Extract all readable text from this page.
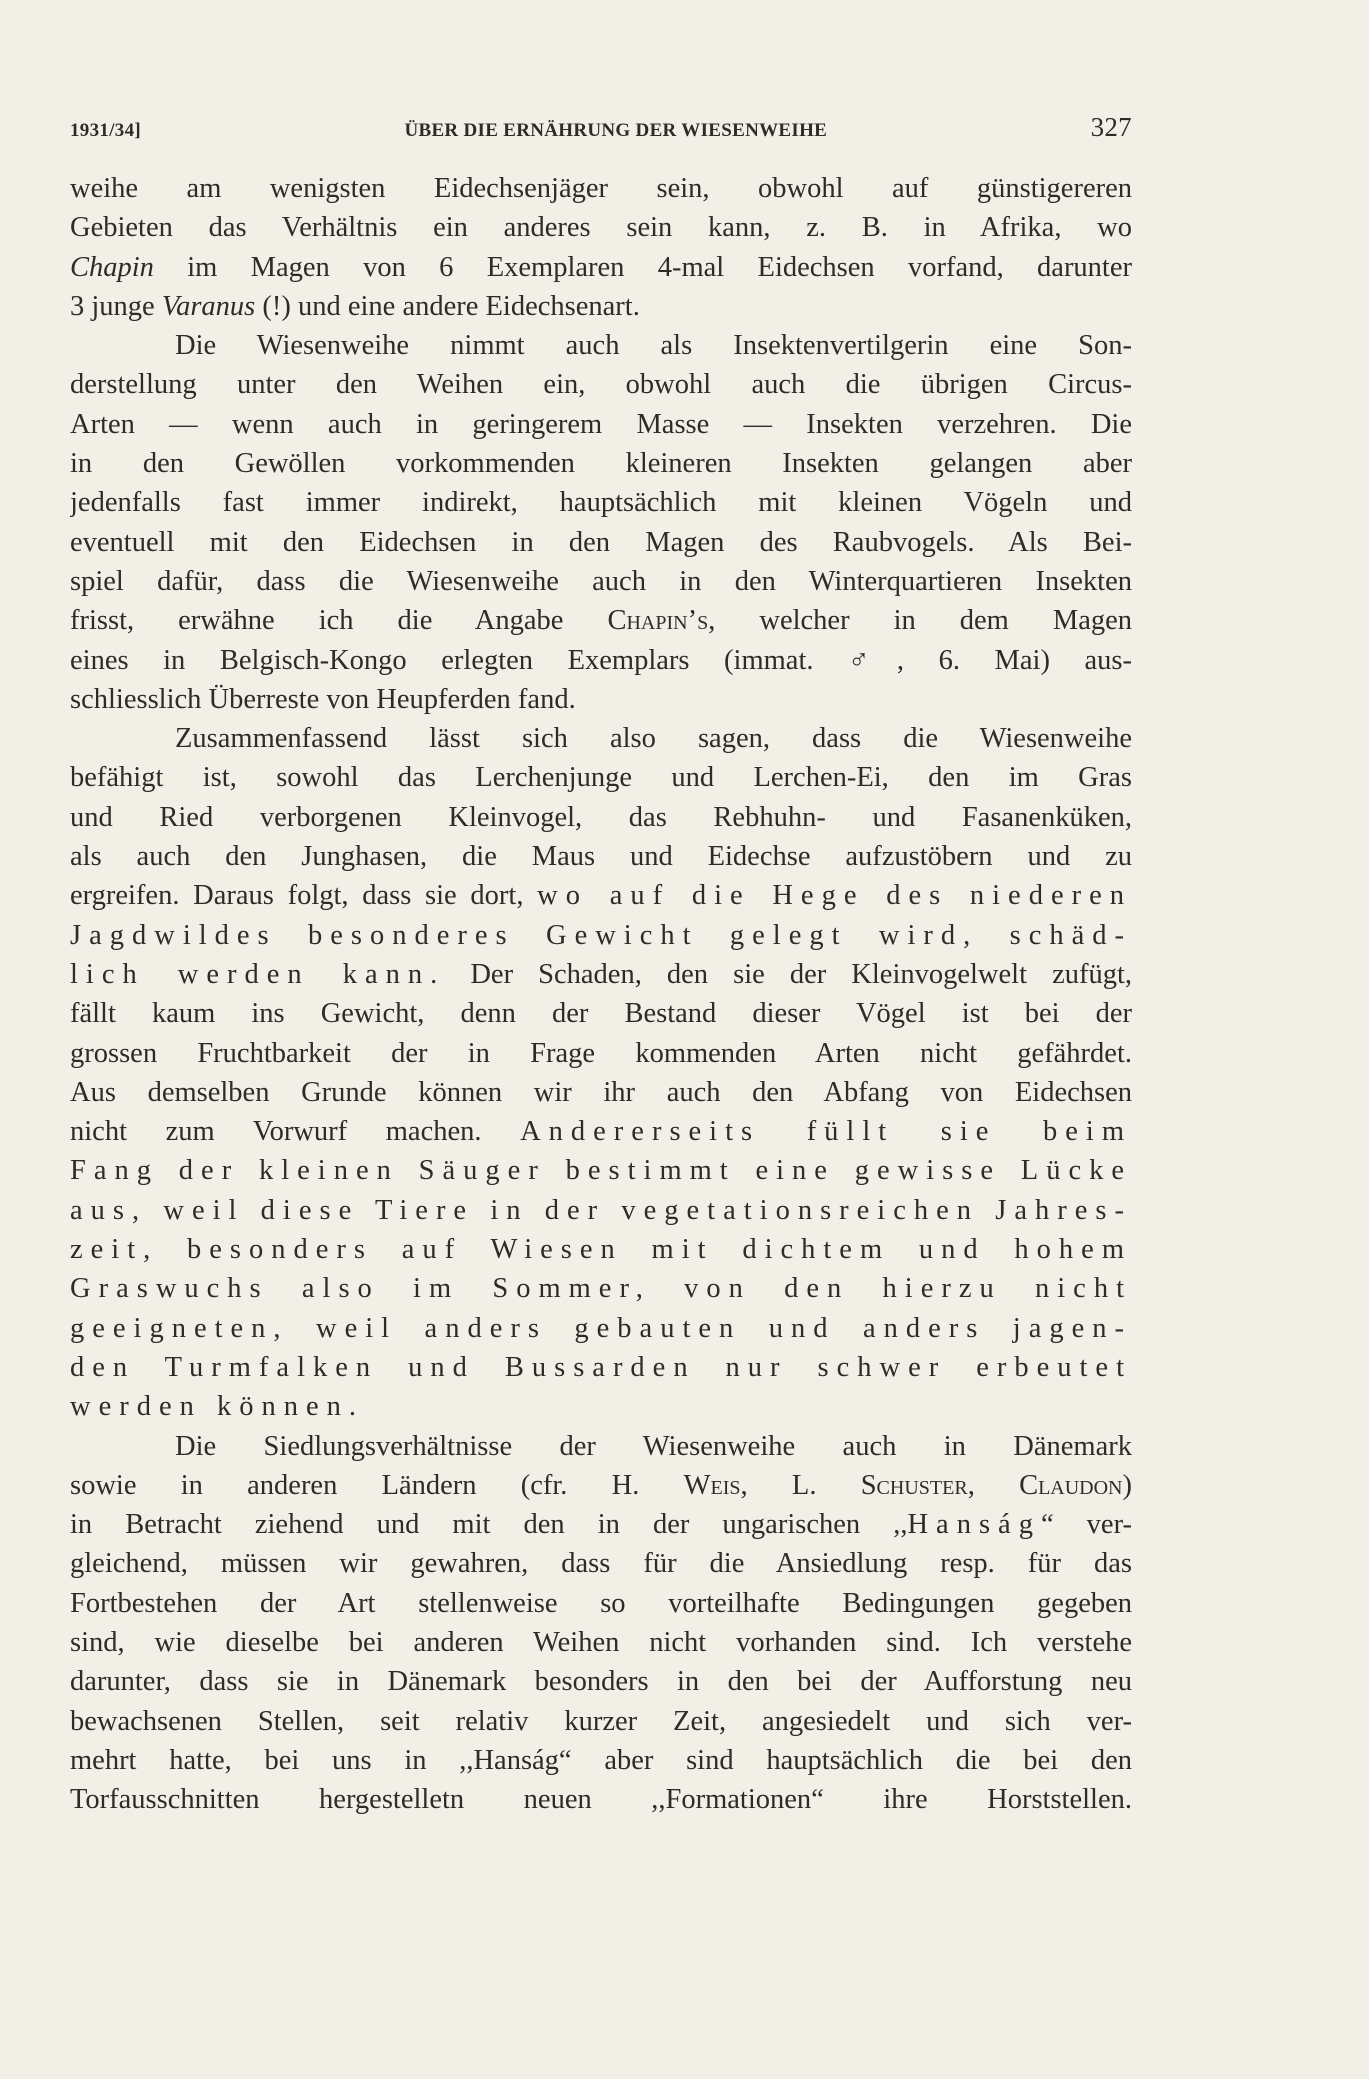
1931/34]	ÜBER DIE ERNÄHRUNG DER WIESENWEIHE	327
weihe am wenigsten Eidechsenjäger sein, obwohl auf günstigereren
Gebieten das Verhältnis ein anderes sein kann, z. B. in Afrika, wo
Chapin im Magen von 6 Exemplaren 4-mal Eidechsen vorfand, darunter
3 junge Varanus (!) und eine andere Eidechsenart.
Die Wiesenweihe nimmt auch als Insektenvertilgerin eine Son-
derstellung unter den Weihen ein, obwohl auch die übrigen Circus-
Arten — wenn auch in geringerem Masse — Insekten verzehren. Die
in den Gewöllen vorkommenden kleineren Insekten gelangen aber
jedenfalls fast immer indirekt, hauptsächlich mit kleinen Vögeln und
eventuell mit den Eidechsen in den Magen des Raubvogels. Als Bei-
spiel dafür, dass die Wiesenweihe auch in den Winterquartieren Insekten
frisst, erwähne ich die Angabe Chapin’s, welcher in dem Magen
eines in Belgisch-Kongo erlegten Exemplars (immat. ♂, 6. Mai) aus-
schliesslich Überreste von Heupferden fand.
Zusammenfassend lässt sich also sagen, dass die Wiesenweihe
befähigt ist, sowohl das Lerchenjunge und Lerchen-Ei, den im Gras
und Ried verborgenen Kleinvogel, das Rebhuhn- und Fasanenküken,
als auch den Junghasen, die Maus und Eidechse aufzustöbern und zu
ergreifen. Daraus folgt, dass sie dort, wo auf die Hege des niederen
Jagdwildes besonderes Gewicht gelegt wird, schäd-
lich werden kann. Der Schaden, den sie der Kleinvogelwelt zufügt,
fällt kaum ins Gewicht, denn der Bestand dieser Vögel ist bei der
grossen Fruchtbarkeit der in Frage kommenden Arten nicht gefährdet.
Aus demselben Grunde können wir ihr auch den Abfang von Eidechsen
nicht zum Vorwurf machen. Andererseits füllt sie beim
Fang der kleinen Säuger bestimmt eine gewisse Lücke
aus, weil diese Tiere in der vegetationsreichen Jahres-
zeit, besonders auf Wiesen mit dichtem und hohem
Graswuchs also im Sommer, von den hierzu nicht
geeigneten, weil anders gebauten und anders jagen-
den Turmfalken und Bussarden nur schwer erbeutet
werden können.
Die Siedlungsverhältnisse der Wiesenweihe auch in Dänemark
sowie in anderen Ländern (cfr. H. Weis, L. Schuster, Claudon)
in Betracht ziehend und mit den in der ungarischen ,,Hanság“ ver-
gleichend, müssen wir gewahren, dass für die Ansiedlung resp. für das
Fortbestehen der Art stellenweise so vorteilhafte Bedingungen gegeben
sind, wie dieselbe bei anderen Weihen nicht vorhanden sind. Ich verstehe
darunter, dass sie in Dänemark besonders in den bei der Aufforstung neu
bewachsenen Stellen, seit relativ kurzer Zeit, angesiedelt und sich ver-
mehrt hatte, bei uns in ,,Hanság“ aber sind hauptsächlich die bei den
Torfausschnitten hergestelletn neuen ,,Formationen“ ihre Horststellen.
